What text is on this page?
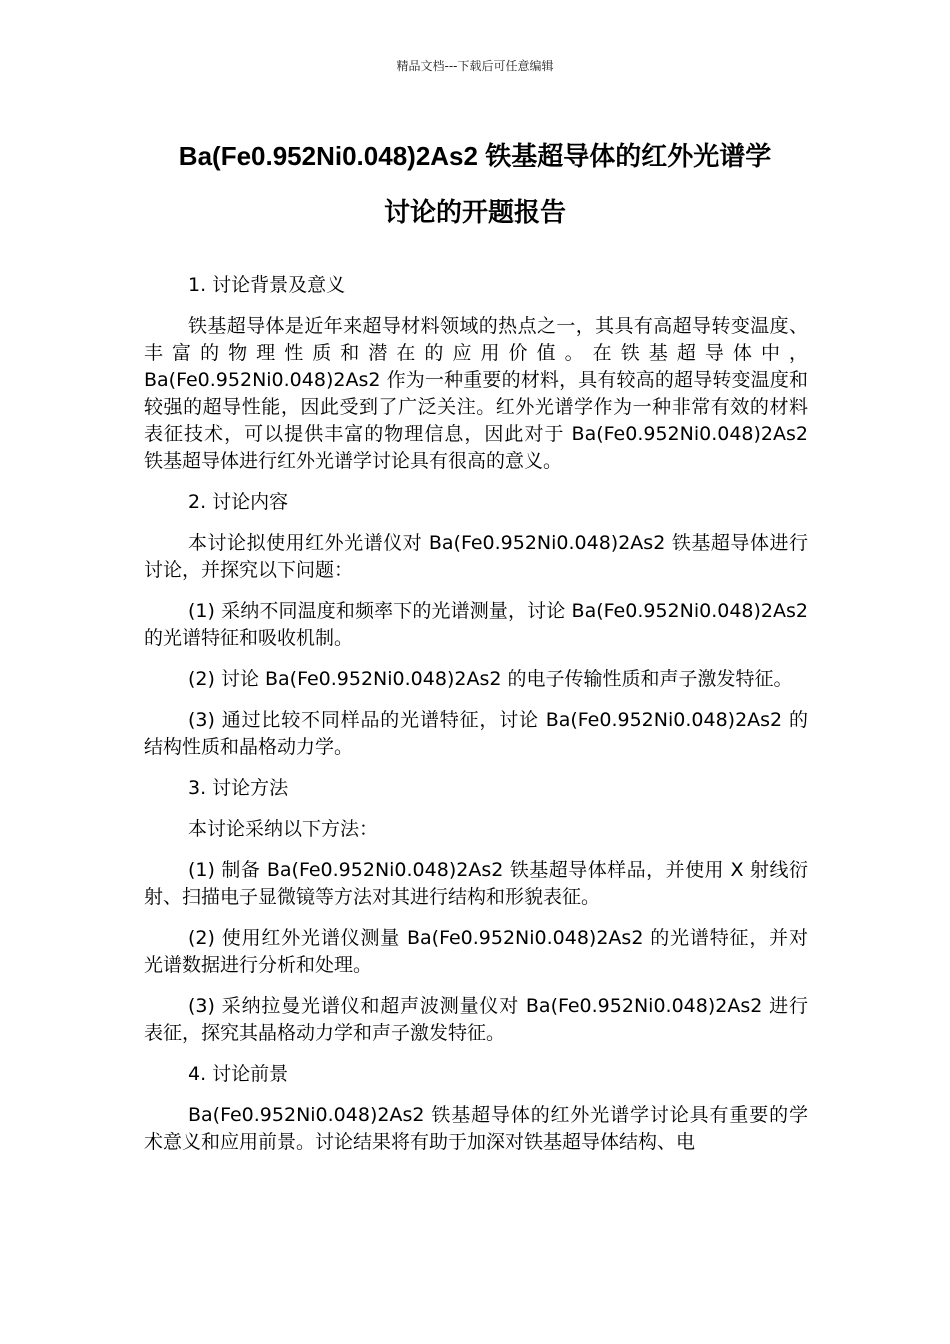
精品文档---下载后可任意编辑
Ba(Fe0.952Ni0.048)2As2 铁基超导体的红外光谱学
讨论的开题报告

1. 讨论背景及意义

铁基超导体是近年来超导材料领域的热点之一，其具有高超导转变温度、丰富的物理性质和潜在的应用价值。在铁基超导体中，Ba(Fe0.952Ni0.048)2As2 作为一种重要的材料，具有较高的超导转变温度和较强的超导性能，因此受到了广泛关注。红外光谱学作为一种非常有效的材料表征技术，可以提供丰富的物理信息，因此对于 Ba(Fe0.952Ni0.048)2As2 铁基超导体进行红外光谱学讨论具有很高的意义。

2. 讨论内容

本讨论拟使用红外光谱仪对 Ba(Fe0.952Ni0.048)2As2 铁基超导体进行讨论，并探究以下问题：

(1) 采纳不同温度和频率下的光谱测量，讨论 Ba(Fe0.952Ni0.048)2As2 的光谱特征和吸收机制。

(2) 讨论 Ba(Fe0.952Ni0.048)2As2 的电子传输性质和声子激发特征。

(3) 通过比较不同样品的光谱特征，讨论 Ba(Fe0.952Ni0.048)2As2 的结构性质和晶格动力学。

3. 讨论方法

本讨论采纳以下方法：

(1) 制备 Ba(Fe0.952Ni0.048)2As2 铁基超导体样品，并使用 X 射线衍射、扫描电子显微镜等方法对其进行结构和形貌表征。

(2) 使用红外光谱仪测量 Ba(Fe0.952Ni0.048)2As2 的光谱特征，并对光谱数据进行分析和处理。

(3) 采纳拉曼光谱仪和超声波测量仪对 Ba(Fe0.952Ni0.048)2As2 进行表征，探究其晶格动力学和声子激发特征。

4. 讨论前景

Ba(Fe0.952Ni0.048)2As2 铁基超导体的红外光谱学讨论具有重要的学术意义和应用前景。讨论结果将有助于加深对铁基超导体结构、电
